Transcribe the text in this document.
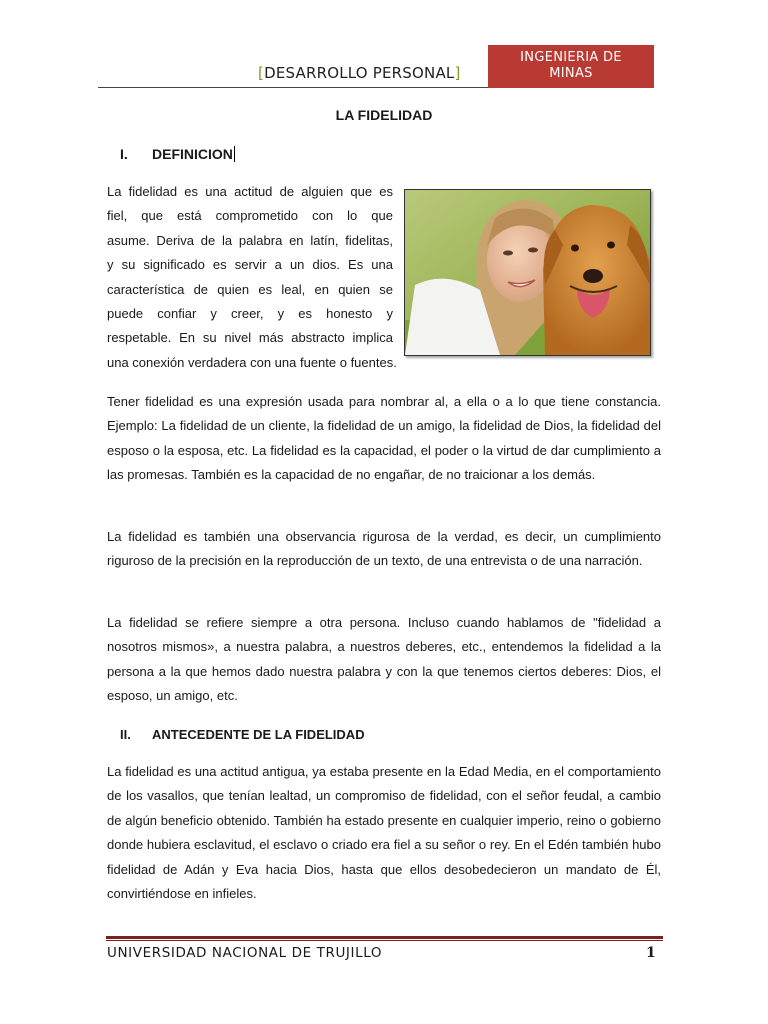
[DESARROLLO PERSONAL]
INGENIERIA DE
MINAS
LA FIDELIDAD
I. DEFINICION

La fidelidad es una actitud de alguien que es
fiel, que está comprometido con lo que
asume. Deriva de la palabra en latín, fidelitas,
y su significado es servir a un dios. Es una
característica de quien es leal, en quien se
puede confiar y creer, y es honesto y
respetable. En su nivel más abstracto implica

una conexión verdadera con una fuente o fuentes.

Tener fidelidad es una expresión usada para nombrar al, a ella o a lo que tiene constancia. Ejemplo: La fidelidad de un cliente, la fidelidad de un amigo, la fidelidad de Dios, la fidelidad del esposo o la esposa, etc. La fidelidad es la capacidad, el poder o la virtud de dar cumplimiento a las promesas. También es la capacidad de no engañar, de no traicionar a los demás.
La fidelidad es también una observancia rigurosa de la verdad, es decir, un cumplimiento riguroso de la precisión en la reproducción de un texto, de una entrevista o de una narración.
La fidelidad se refiere siempre a otra persona. Incluso cuando hablamos de "fidelidad a nosotros mismos», a nuestra palabra, a nuestros deberes, etc., entendemos la fidelidad a la persona a la que hemos dado nuestra palabra y con la que tenemos ciertos deberes: Dios, el esposo, un amigo, etc.
II. ANTECEDENTE DE LA FIDELIDAD
La fidelidad es una actitud antigua, ya estaba presente en la Edad Media, en el comportamiento de los vasallos, que tenían lealtad, un compromiso de fidelidad, con el señor feudal, a cambio de algún beneficio obtenido. También ha estado presente en cualquier imperio, reino o gobierno donde hubiera esclavitud, el esclavo o criado era fiel a su señor o rey. En el Edén también hubo fidelidad de Adán y Eva hacia Dios, hasta que ellos desobedecieron un mandato de Él, convirtiéndose en infieles.
UNIVERSIDAD NACIONAL DE TRUJILLO	1
